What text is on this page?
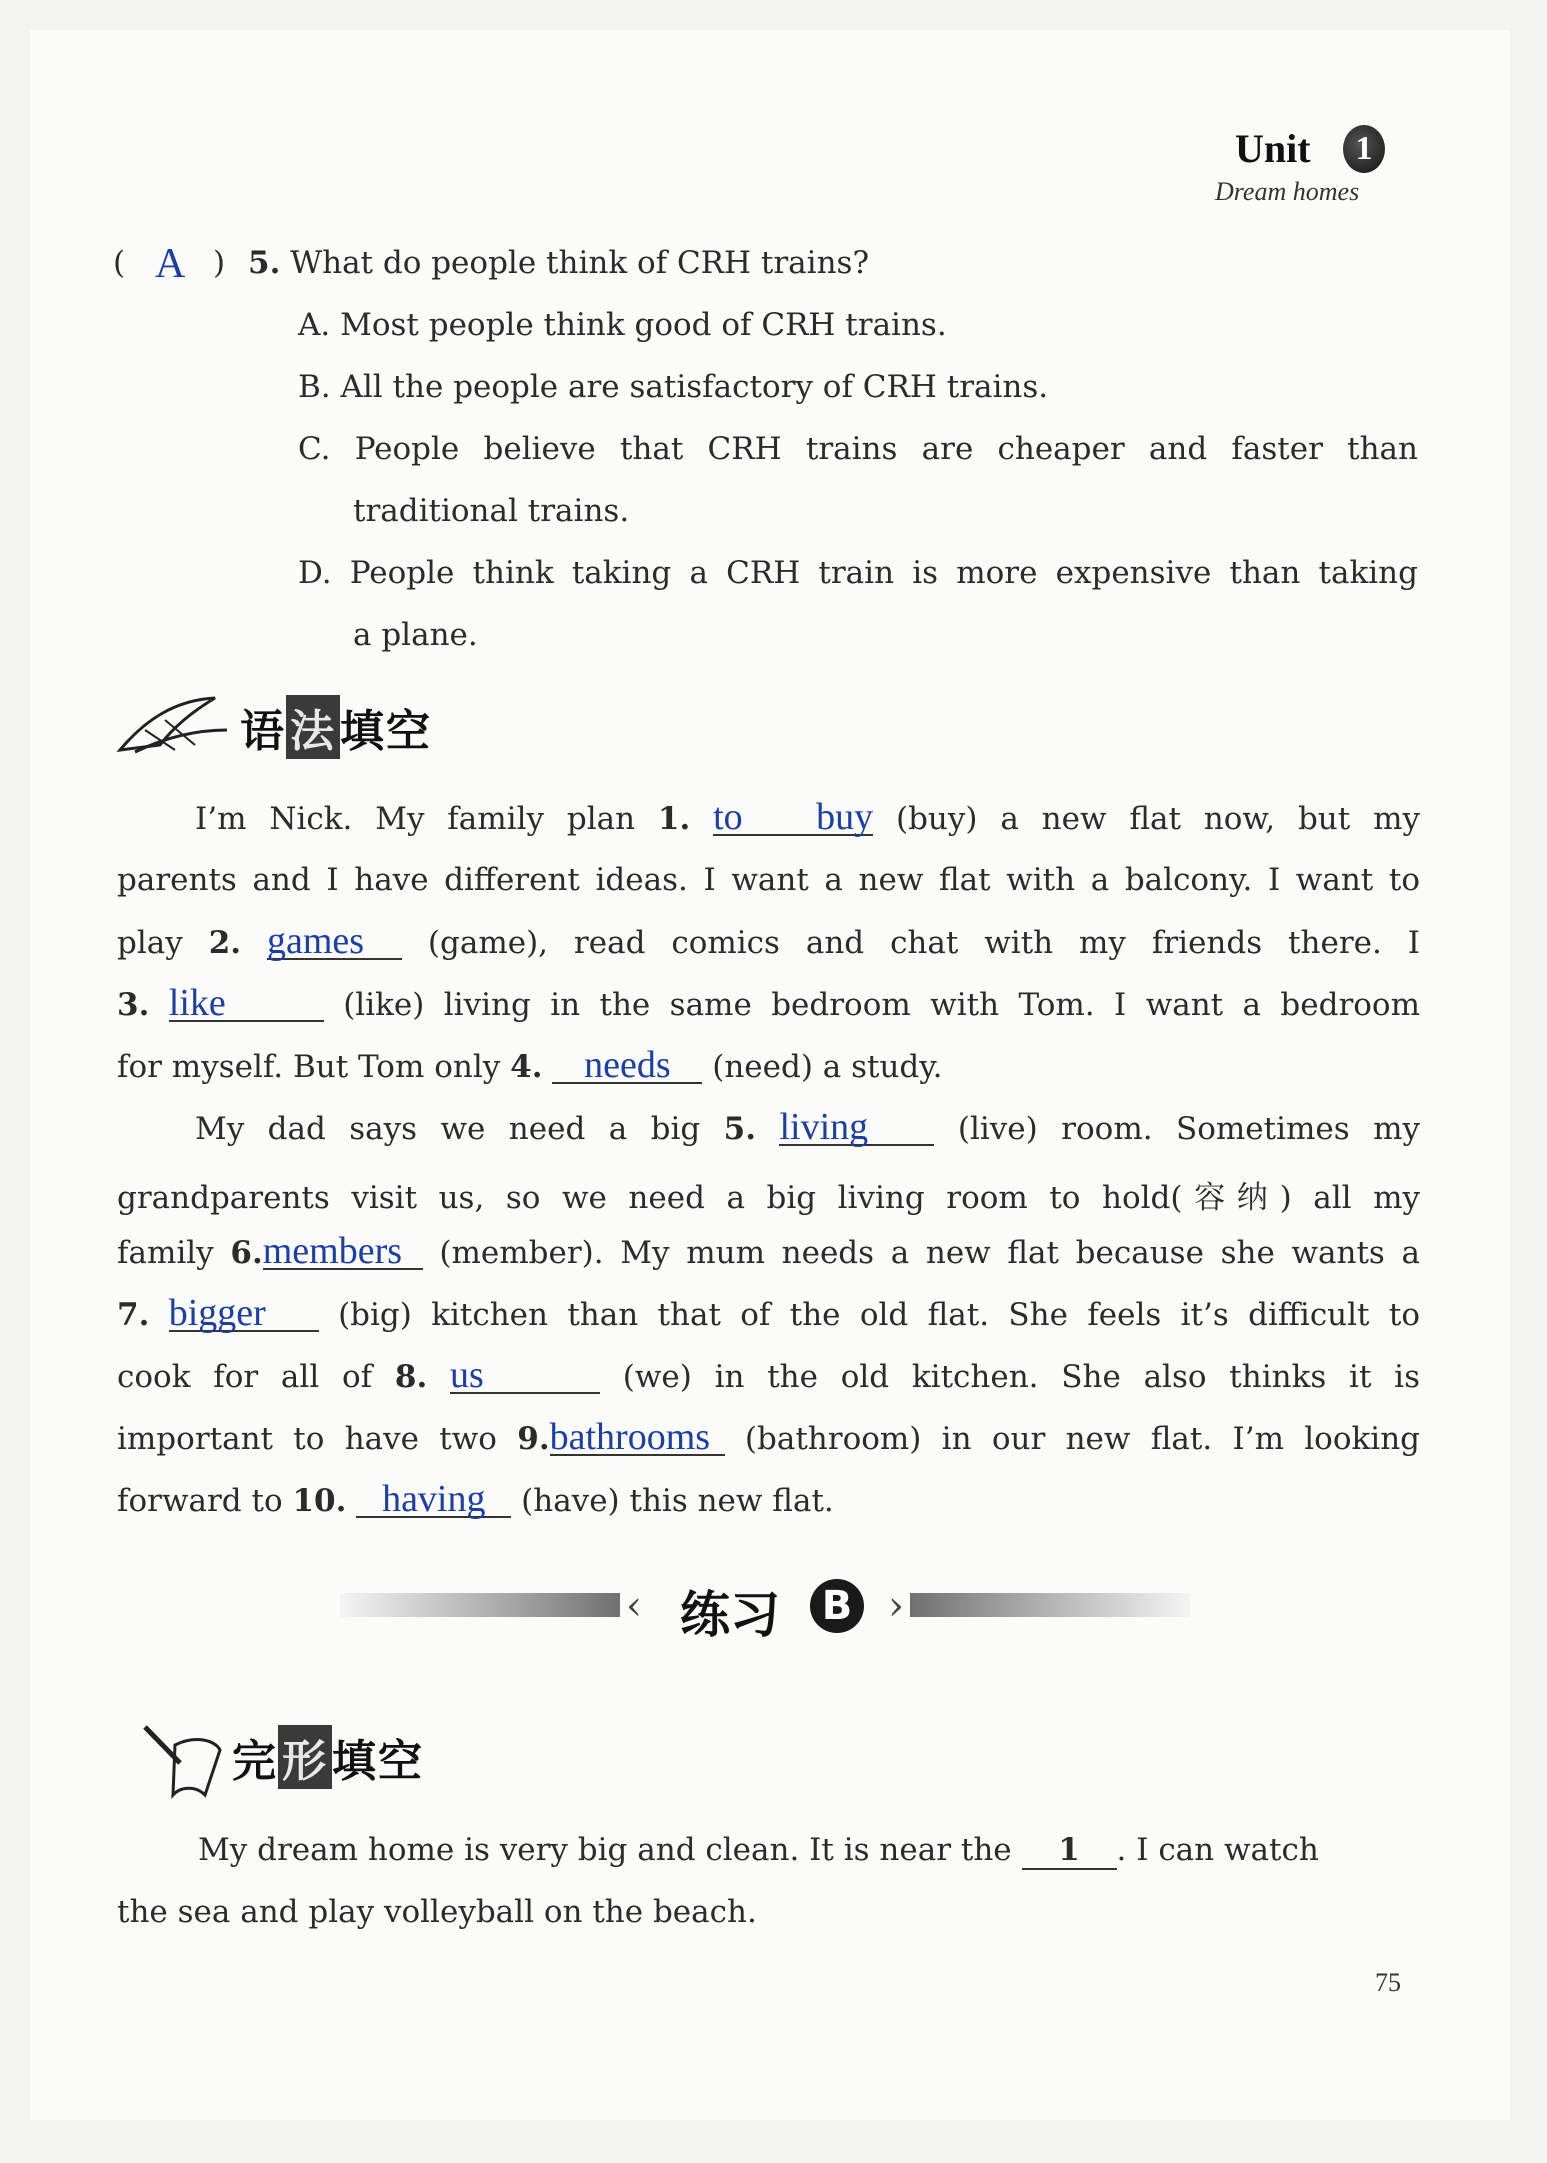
Unit	1
Dream homes
( A ) 5. What do people think of CRH trains?
A. Most people think good of CRH trains.
B. All the people are satisfactory of CRH trains.
C. People believe that CRH trains are cheaper and faster than
traditional trains.
D. People think taking a CRH train is more expensive than taking
a plane.
语法填空
I’m Nick. My family plan 1. to buy (buy) a new flat now, but my
parents and I have different ideas. I want a new flat with a balcony. I want to
play 2. games (game), read comics and chat with my friends there. I
3. like	(like) living in the same bedroom with Tom. I want a bedroom
for myself. But Tom only 4. needs (need) a study.
My dad says we need a big 5. living	(live) room. Sometimes my
grandparents visit us, so we need a big living room to hold(容纳) all my
family 6.members (member). My mum needs a new flat because she wants a
7. bigger (big) kitchen than that of the old flat. She feels it’s difficult to
cook for all of 8. us	(we) in the old kitchen. She also thinks it is
important to have two 9.bathrooms (bathroom) in our new flat. I’m looking
forward to 10. having (have) this new flat.
‹ 练习 B ›
完形填空
My dream home is very big and clean. It is near the 1 . I can watch
the sea and play volleyball on the beach.
75
